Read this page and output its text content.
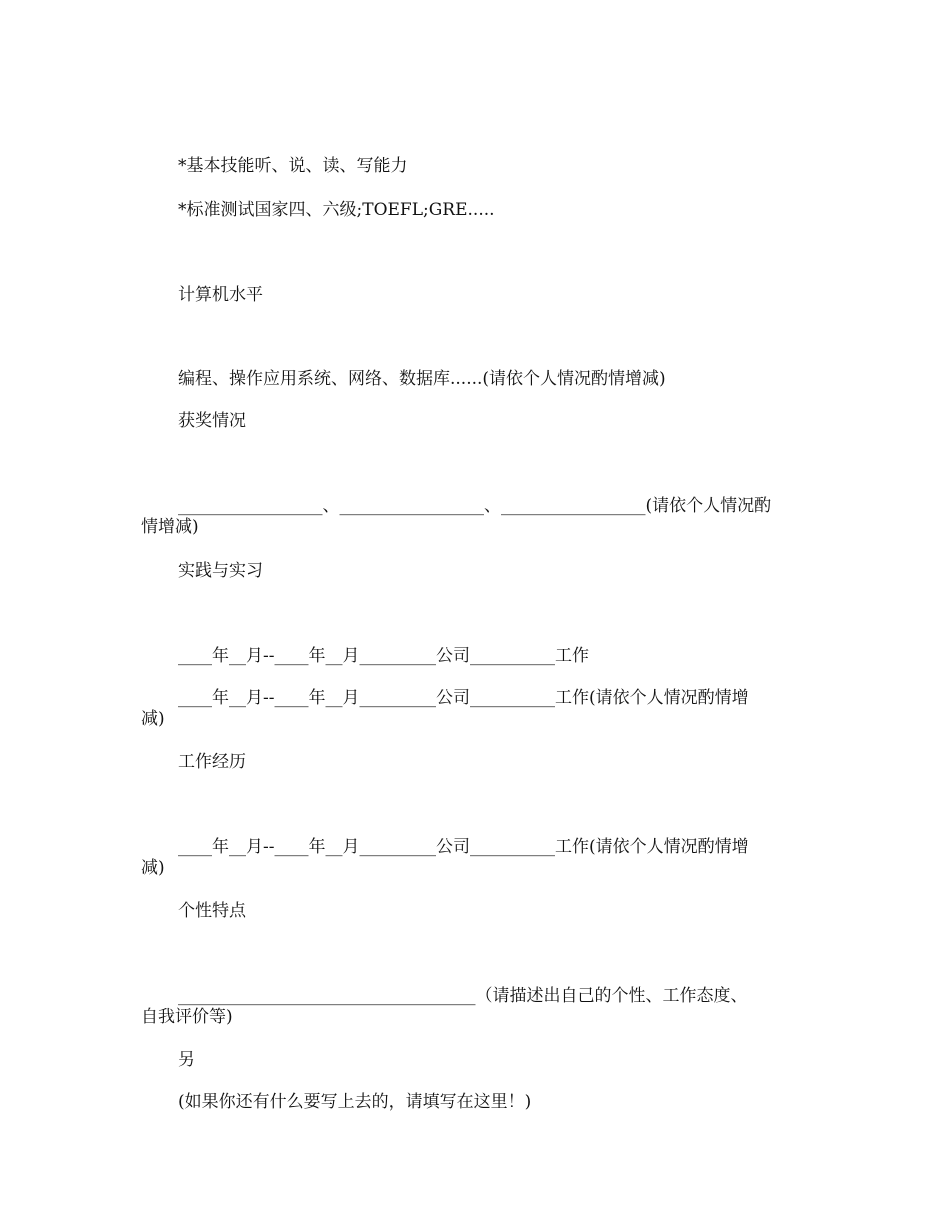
*基本技能听、说、读、写能力
*标准测试国家四、六级;TOEFL;GRE.....
计算机水平
编程、操作应用系统、网络、数据库......(请依个人情况酌情增减)
获奖情况
_________________、_________________、_________________(请依个人情况酌
情增减)
实践与实习
____年__月--____年__月_________公司__________工作
____年__月--____年__月_________公司__________工作(请依个人情况酌情增
减)
工作经历
____年__月--____年__月_________公司__________工作(请依个人情况酌情增
减)
个性特点
___________________________________（请描述出自己的个性、工作态度、
自我评价等)
另
(如果你还有什么要写上去的，请填写在这里！)
